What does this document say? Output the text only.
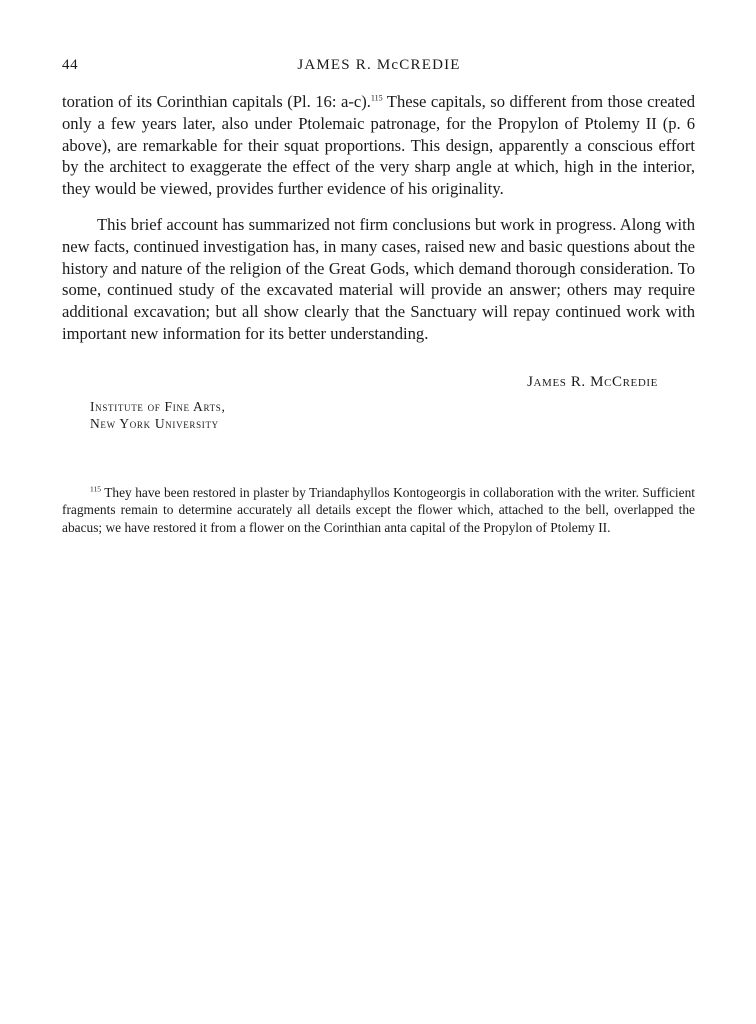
44	JAMES R. McCREDIE

toration of its Corinthian capitals (Pl. 16: a-c).$^{115}$ These capitals, so different from those created only a few years later, also under Ptolemaic patronage, for the Propylon of Ptolemy II (p. 6 above), are remarkable for their squat proportions. This design, apparently a conscious effort by the architect to exaggerate the effect of the very sharp angle at which, high in the interior, they would be viewed, provides further evidence of his originality.

This brief account has summarized not firm conclusions but work in progress. Along with new facts, continued investigation has, in many cases, raised new and basic questions about the history and nature of the religion of the Great Gods, which demand thorough consideration. To some, continued study of the excavated material will provide an answer; others may require additional excavation; but all show clearly that the Sanctuary will repay continued work with important new information for its better understanding.

James R. McCredie
Institute of Fine Arts,
New York University
$^{115}$ They have been restored in plaster by Triandaphyllos Kontogeorgis in collaboration with the writer. Sufficient fragments remain to determine accurately all details except the flower which, attached to the bell, overlapped the abacus; we have restored it from a flower on the Corinthian anta capital of the Propylon of Ptolemy II.
